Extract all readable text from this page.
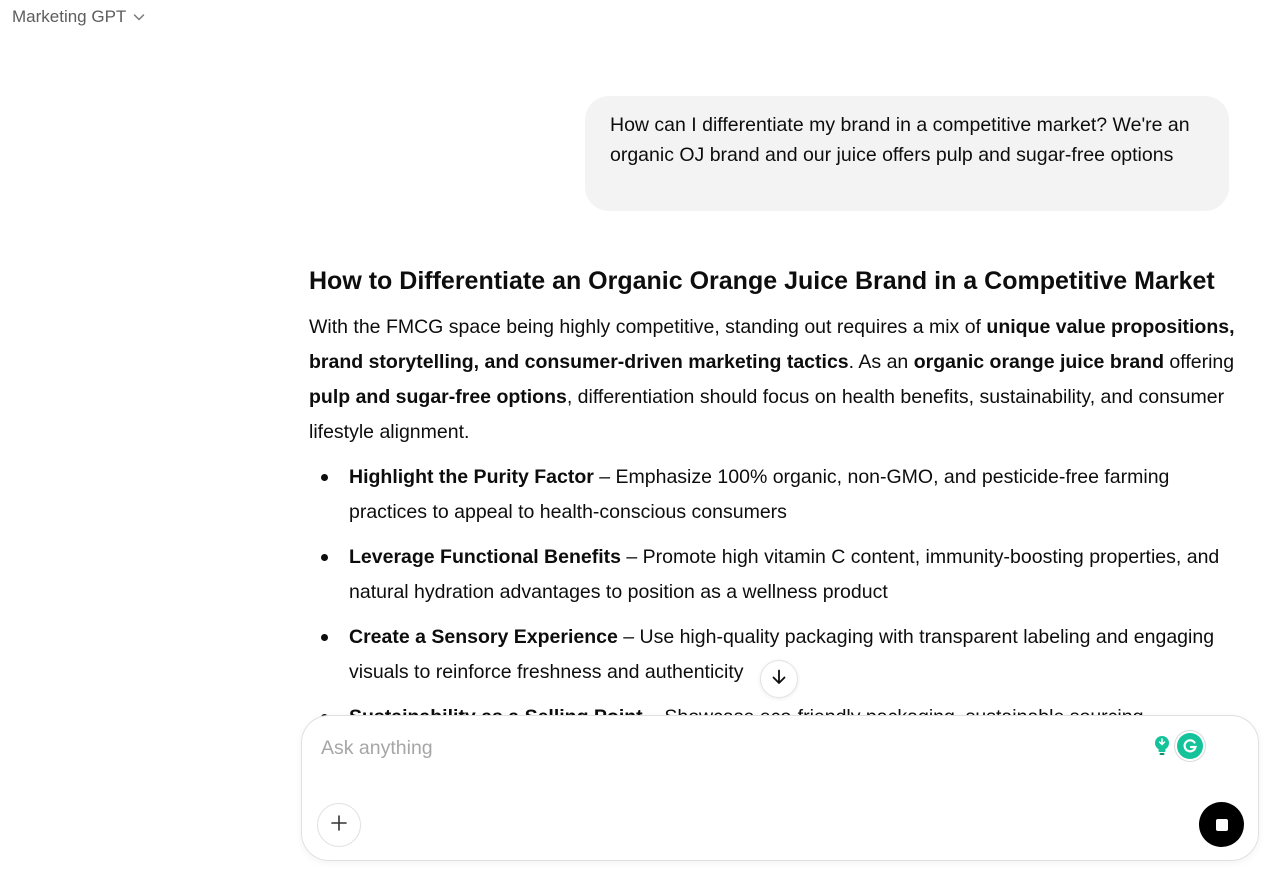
Marketing GPT
How can I differentiate my brand in a competitive market? We're an organic OJ brand and our juice offers pulp and sugar-free options
How to Differentiate an Organic Orange Juice Brand in a Competitive Market

With the FMCG space being highly competitive, standing out requires a mix of unique value propositions, brand storytelling, and consumer-driven marketing tactics. As an organic orange juice brand offering pulp and sugar-free options, differentiation should focus on health benefits, sustainability, and consumer lifestyle alignment.

Highlight the Purity Factor – Emphasize 100% organic, non-GMO, and pesticide-free farming practices to appeal to health-conscious consumers
Leverage Functional Benefits – Promote high vitamin C content, immunity-boosting properties, and natural hydration advantages to position as a wellness product
Create a Sensory Experience – Use high-quality packaging with transparent labeling and engaging visuals to reinforce freshness and authenticity
Ask anything
